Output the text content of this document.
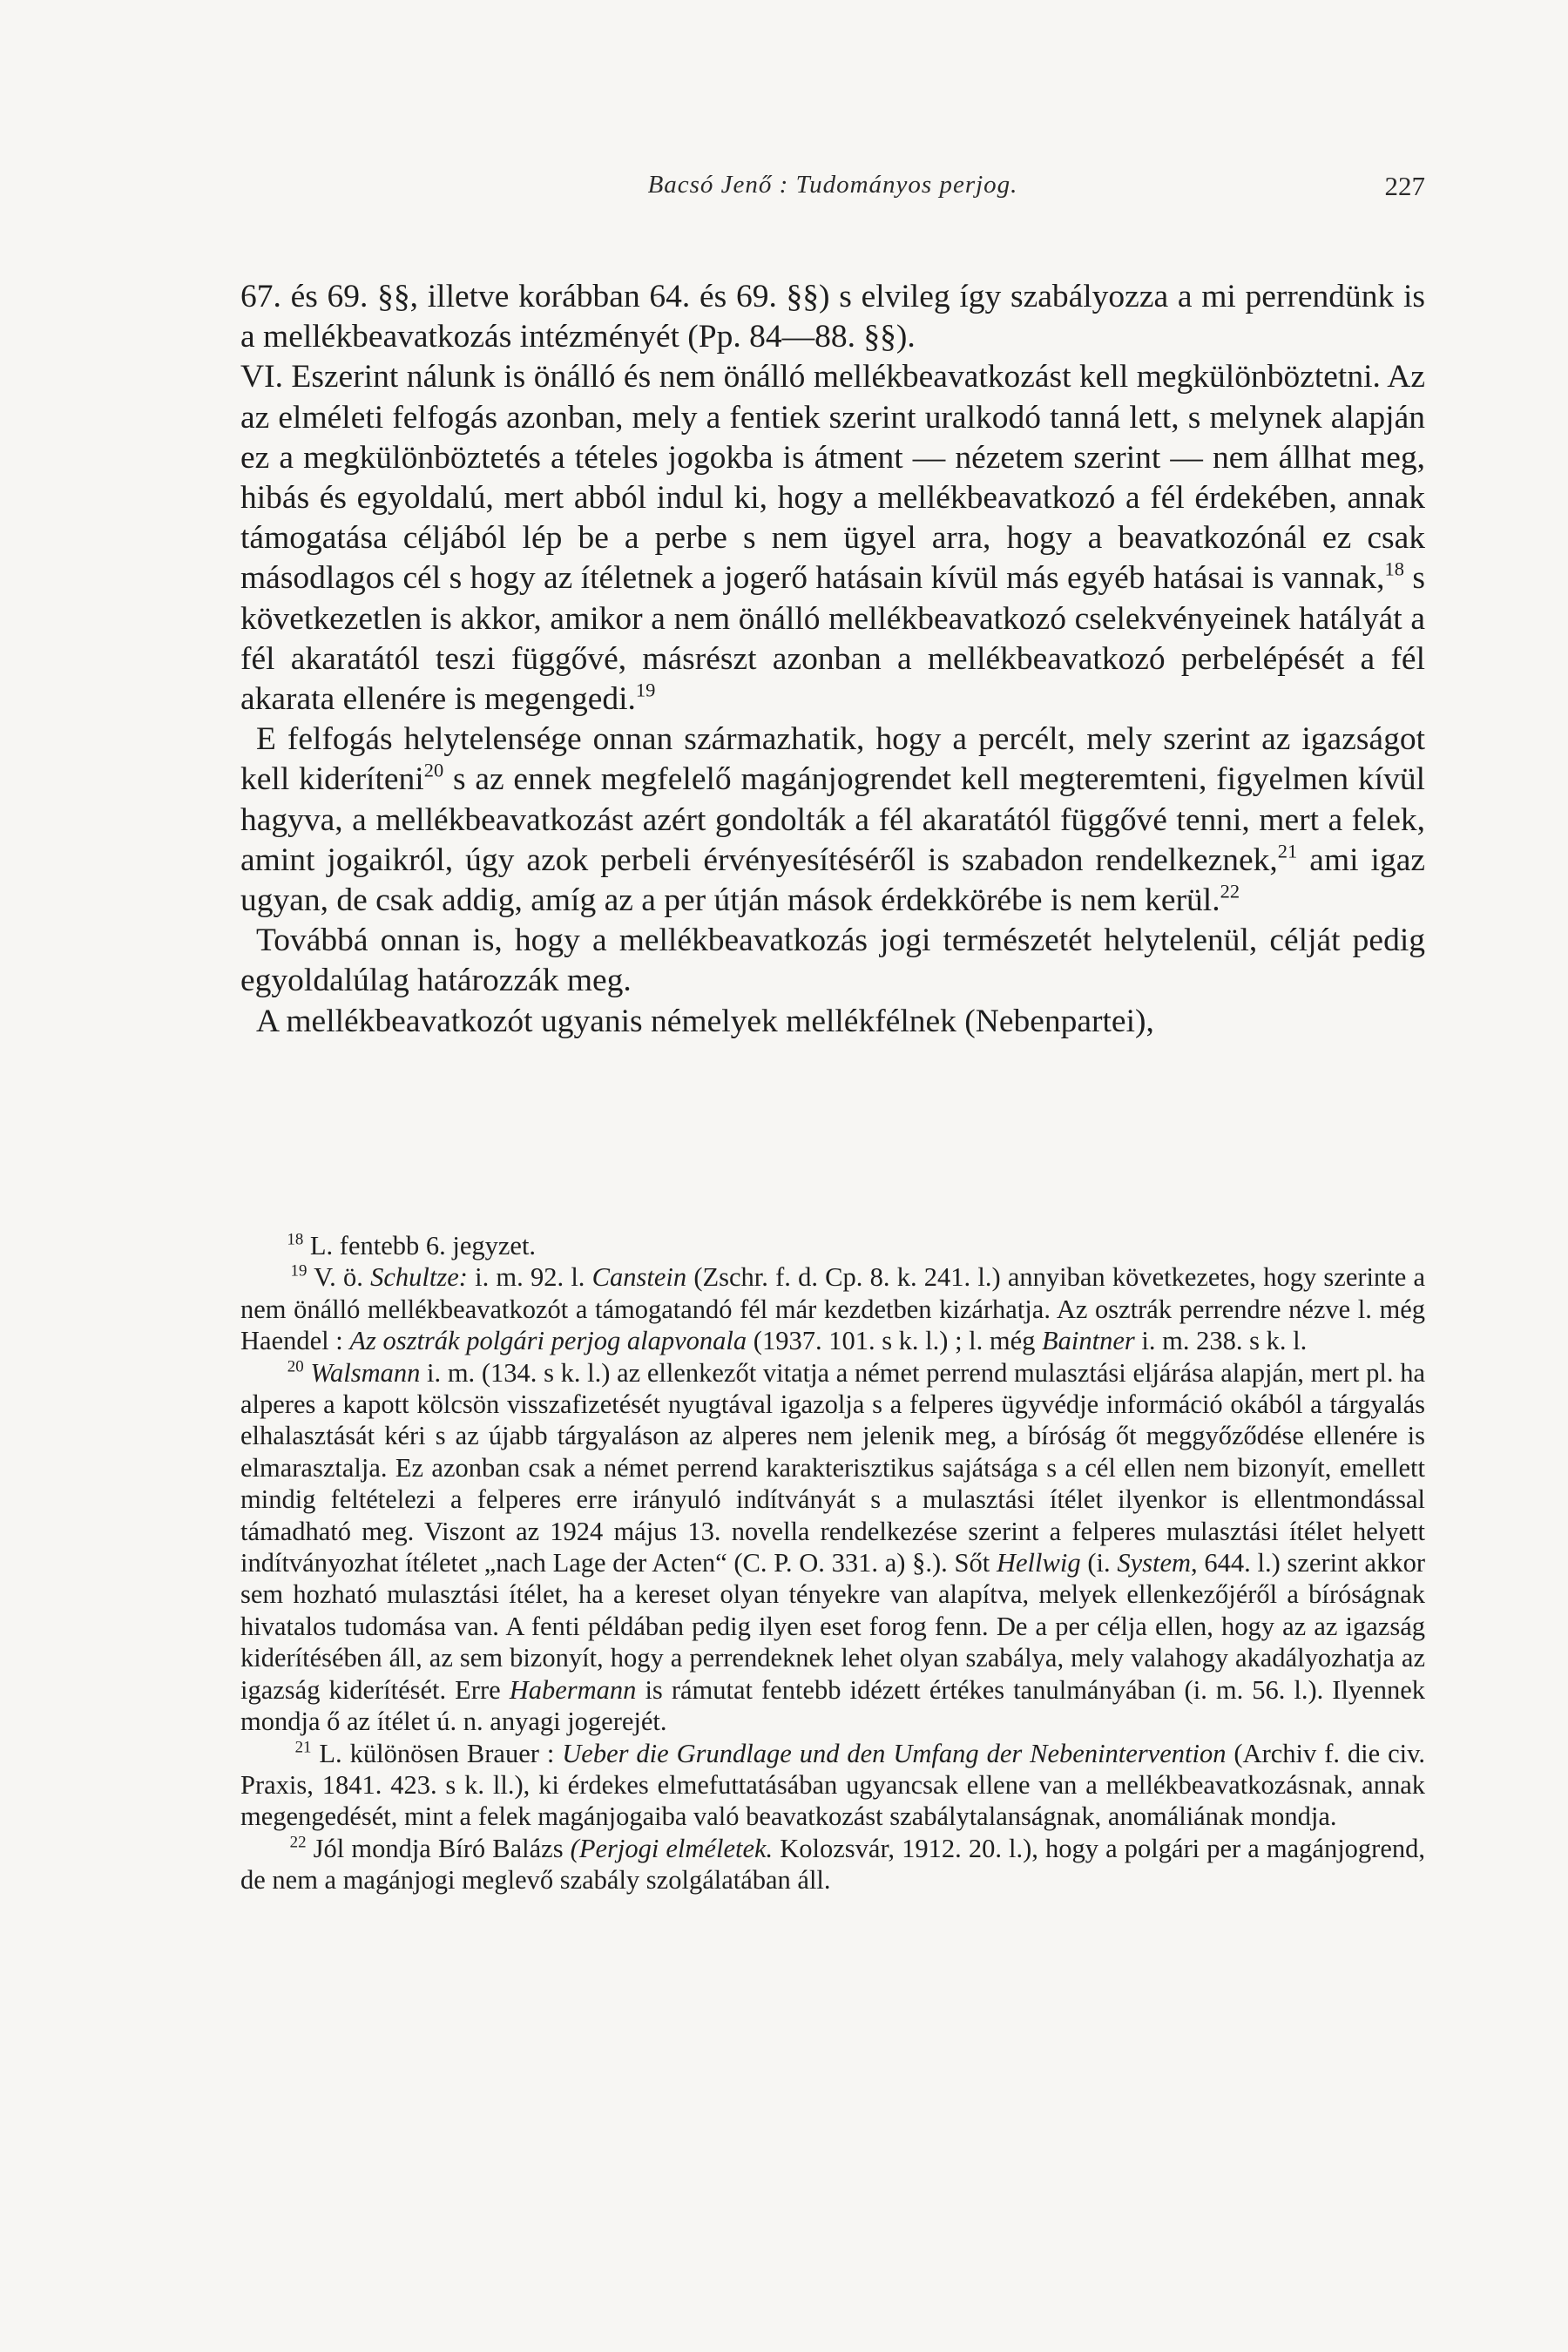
Bacsó Jenő : Tudományos perjog.	227

67. és 69. §§, illetve korábban 64. és 69. §§) s elvileg így szabályozza a mi perrendünk is a mellékbeavatkozás intézményét (Pp. 84—88. §§).

VI. Eszerint nálunk is önálló és nem önálló mellékbeavatkozást kell megkülönböztetni. Az az elméleti felfogás azonban, mely a fentiek szerint uralkodó tanná lett, s melynek alapján ez a megkülönböztetés a tételes jogokba is átment — nézetem szerint — nem állhat meg, hibás és egyoldalú, mert abból indul ki, hogy a mellékbeavatkozó a fél érdekében, annak támogatása céljából lép be a perbe s nem ügyel arra, hogy a beavatkozónál ez csak másodlagos cél s hogy az ítéletnek a jogerő hatásain kívül más egyéb hatásai is vannak,$^{18}$ s következetlen is akkor, amikor a nem önálló mellékbeavatkozó cselekvényeinek hatályát a fél akaratától teszi függővé, másrészt azonban a mellékbeavatkozó perbelépését a fél akarata ellenére is megengedi.$^{19}$

E felfogás helytelensége onnan származhatik, hogy a percélt, mely szerint az igazságot kell kideríteni$^{20}$ s az ennek megfelelő magánjogrendet kell megteremteni, figyelmen kívül hagyva, a mellékbeavatkozást azért gondolták a fél akaratától függővé tenni, mert a felek, amint jogaikról, úgy azok perbeli érvényesítéséről is szabadon rendelkeznek,$^{21}$ ami igaz ugyan, de csak addig, amíg az a per útján mások érdekkörébe is nem kerül.$^{22}$

Továbbá onnan is, hogy a mellékbeavatkozás jogi természetét helytelenül, célját pedig egyoldalúlag határozzák meg.

A mellékbeavatkozót ugyanis némelyek mellékfélnek (Nebenpartei),

$^{18}$ L. fentebb 6. jegyzet.

$^{19}$ V. ö. Schultze: i. m. 92. l. Canstein (Zschr. f. d. Cp. 8. k. 241. l.) annyiban következetes, hogy szerinte a nem önálló mellékbeavatkozót a támogatandó fél már kezdetben kizárhatja. Az osztrák perrendre nézve l. még Haendel : Az osztrák polgári perjog alapvonala (1937. 101. s k. l.) ; l. még Baintner i. m. 238. s k. l.

$^{20}$ Walsmann i. m. (134. s k. l.) az ellenkezőt vitatja a német perrend mulasztási eljárása alapján, mert pl. ha alperes a kapott kölcsön visszafizetését nyugtával igazolja s a felperes ügyvédje információ okából a tárgyalás elhalasztását kéri s az újabb tárgyaláson az alperes nem jelenik meg, a bíróság őt meggyőződése ellenére is elmarasztalja. Ez azonban csak a német perrend karakterisztikus sajátsága s a cél ellen nem bizonyít, emellett mindig feltételezi a felperes erre irányuló indítványát s a mulasztási ítélet ilyenkor is ellentmondással támadható meg. Viszont az 1924 május 13. novella rendelkezése szerint a felperes mulasztási ítélet helyett indítványozhat ítéletet „nach Lage der Acten“ (C. P. O. 331. a) §.). Sőt Hellwig (i. System, 644. l.) szerint akkor sem hozható mulasztási ítélet, ha a kereset olyan tényekre van alapítva, melyek ellenkezőjéről a bíróságnak hivatalos tudomása van. A fenti példában pedig ilyen eset forog fenn. De a per célja ellen, hogy az az igazság kiderítésében áll, az sem bizonyít, hogy a perrendeknek lehet olyan szabálya, mely valahogy akadályozhatja az igazság kiderítését. Erre Habermann is rámutat fentebb idézett értékes tanulmányában (i. m. 56. l.). Ilyennek mondja ő az ítélet ú. n. anyagi jogerejét.

$^{21}$ L. különösen Brauer : Ueber die Grundlage und den Umfang der Nebenintervention (Archiv f. die civ. Praxis, 1841. 423. s k. ll.), ki érdekes elmefuttatásában ugyancsak ellene van a mellékbeavatkozásnak, annak megengedését, mint a felek magánjogaiba való beavatkozást szabálytalanságnak, anomáliának mondja.

$^{22}$ Jól mondja Bíró Balázs (Perjogi elméletek. Kolozsvár, 1912. 20. l.), hogy a polgári per a magánjogrend, de nem a magánjogi meglevő szabály szolgálatában áll.
